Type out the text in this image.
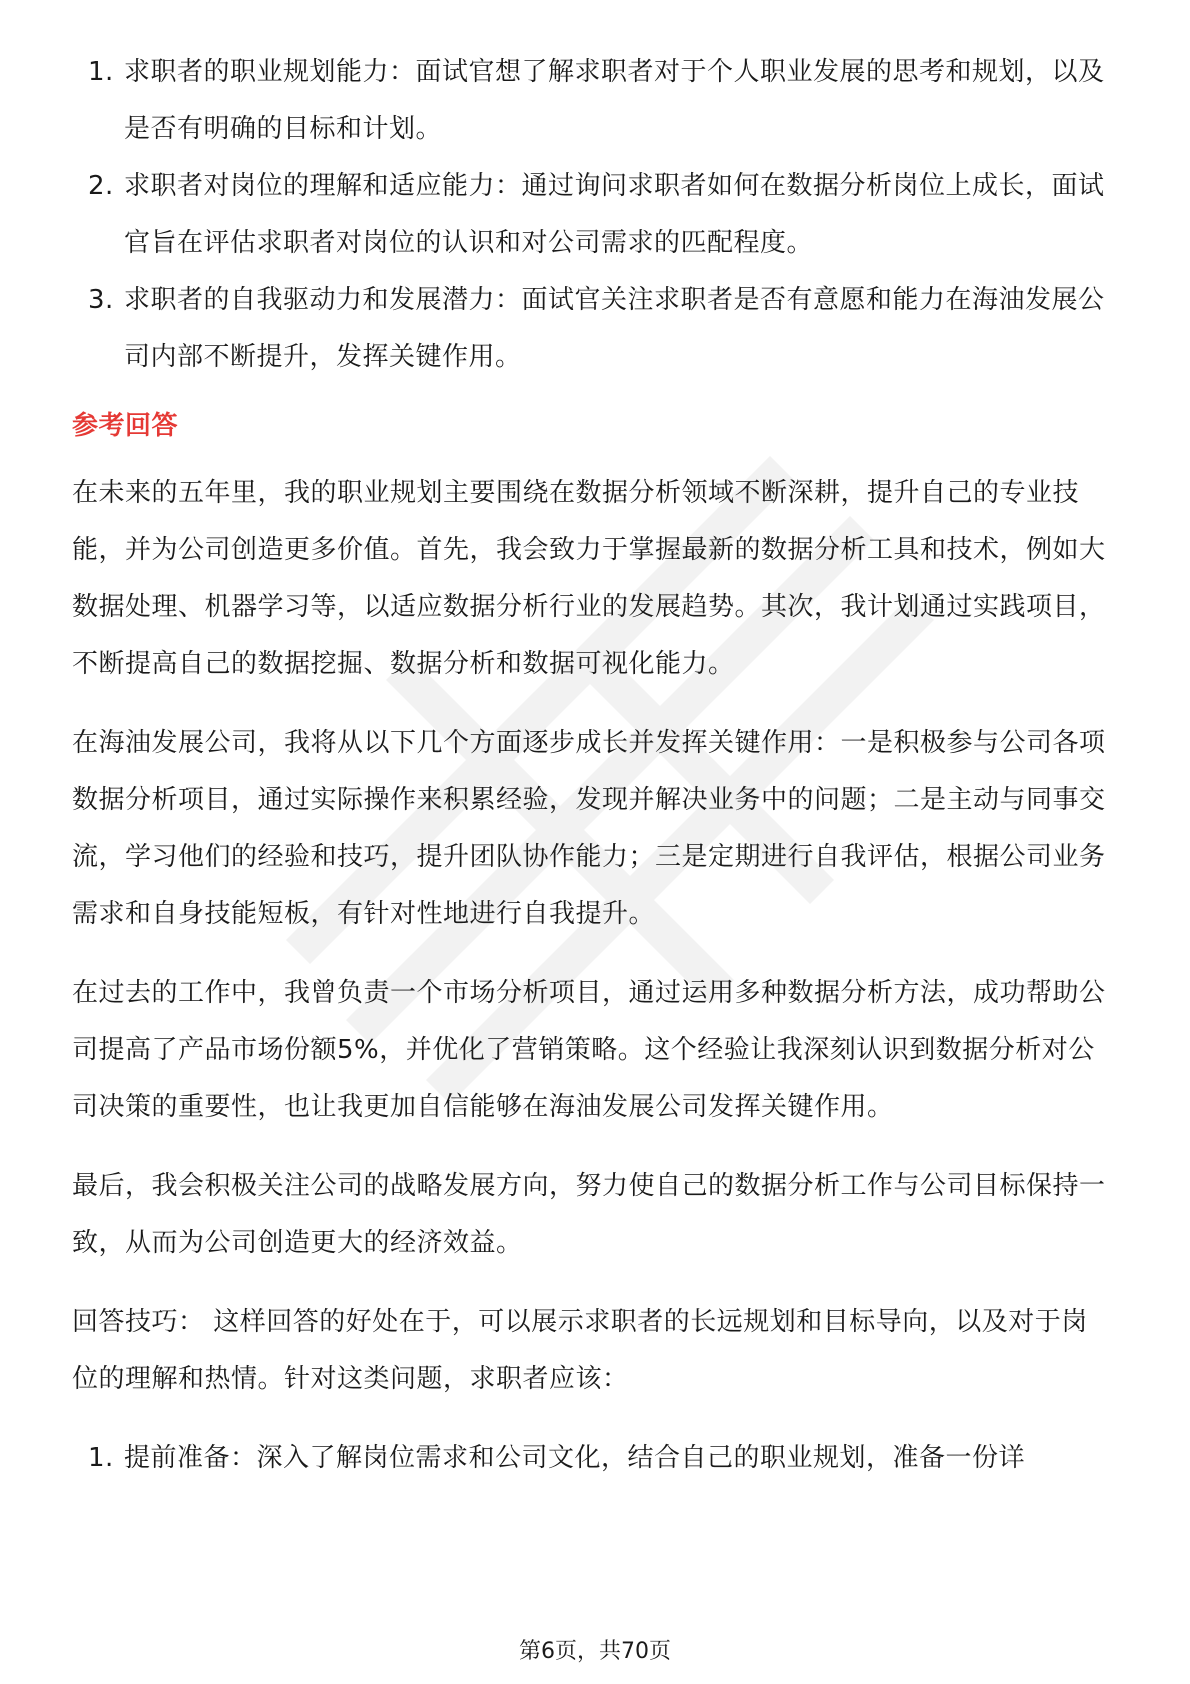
1. 求职者的职业规划能力：面试官想了解求职者对于个人职业发展的思考和规划，以及是否有明确的目标和计划。
2. 求职者对岗位的理解和适应能力：通过询问求职者如何在数据分析岗位上成长，面试官旨在评估求职者对岗位的认识和对公司需求的匹配程度。
3. 求职者的自我驱动力和发展潜力：面试官关注求职者是否有意愿和能力在海油发展公司内部不断提升，发挥关键作用。
参考回答

在未来的五年里，我的职业规划主要围绕在数据分析领域不断深耕，提升自己的专业技能，并为公司创造更多价值。首先，我会致力于掌握最新的数据分析工具和技术，例如大数据处理、机器学习等，以适应数据分析行业的发展趋势。其次，我计划通过实践项目，不断提高自己的数据挖掘、数据分析和数据可视化能力。

在海油发展公司，我将从以下几个方面逐步成长并发挥关键作用：一是积极参与公司各项数据分析项目，通过实际操作来积累经验，发现并解决业务中的问题；二是主动与同事交流，学习他们的经验和技巧，提升团队协作能力；三是定期进行自我评估，根据公司业务需求和自身技能短板，有针对性地进行自我提升。

在过去的工作中，我曾负责一个市场分析项目，通过运用多种数据分析方法，成功帮助公司提高了产品市场份额5%，并优化了营销策略。这个经验让我深刻认识到数据分析对公司决策的重要性，也让我更加自信能够在海油发展公司发挥关键作用。

最后，我会积极关注公司的战略发展方向，努力使自己的数据分析工作与公司目标保持一致，从而为公司创造更大的经济效益。

回答技巧： 这样回答的好处在于，可以展示求职者的长远规划和目标导向，以及对于岗位的理解和热情。针对这类问题，求职者应该：

1. 提前准备：深入了解岗位需求和公司文化，结合自己的职业规划，准备一份详
第6页，共70页
